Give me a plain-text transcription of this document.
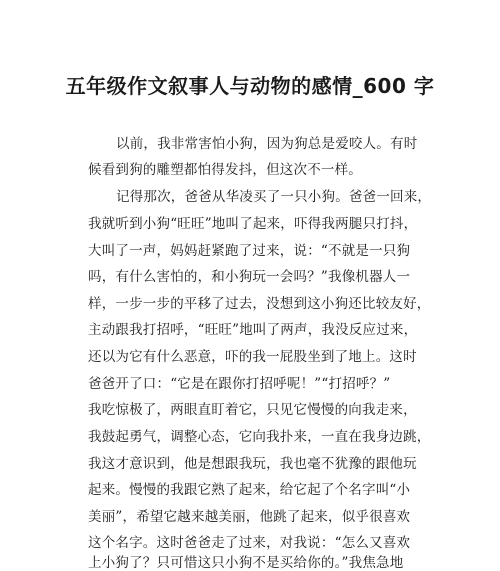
五年级作文叙事人与动物的感情_600 字

以前，我非常害怕小狗，因为狗总是爱咬人。有时

候看到狗的雕塑都怕得发抖，但这次不一样。

记得那次，爸爸从华凌买了一只小狗。爸爸一回来，

我就听到小狗“旺旺”地叫了起来，吓得我两腿只打抖，

大叫了一声，妈妈赶紧跑了过来，说：“不就是一只狗

吗，有什么害怕的，和小狗玩一会吗？”我像机器人一

样，一步一步的平移了过去，没想到这小狗还比较友好，

主动跟我打招呼，“旺旺”地叫了两声，我没反应过来，

还以为它有什么恶意，吓的我一屁股坐到了地上。这时

爸爸开了口：“它是在跟你打招呼呢！”“打招呼？”

我吃惊极了，两眼直盯着它，只见它慢慢的向我走来，

我鼓起勇气，调整心态，它向我扑来，一直在我身边跳，

我这才意识到，他是想跟我玩，我也毫不犹豫的跟他玩

起来。慢慢的我跟它熟了起来，给它起了个名字叫“小

美丽”，希望它越来越美丽，他跳了起来，似乎很喜欢

这个名字。这时爸爸走了过来，对我说：“怎么又喜欢

上小狗了？只可惜这只小狗不是买给你的。”我焦急地
